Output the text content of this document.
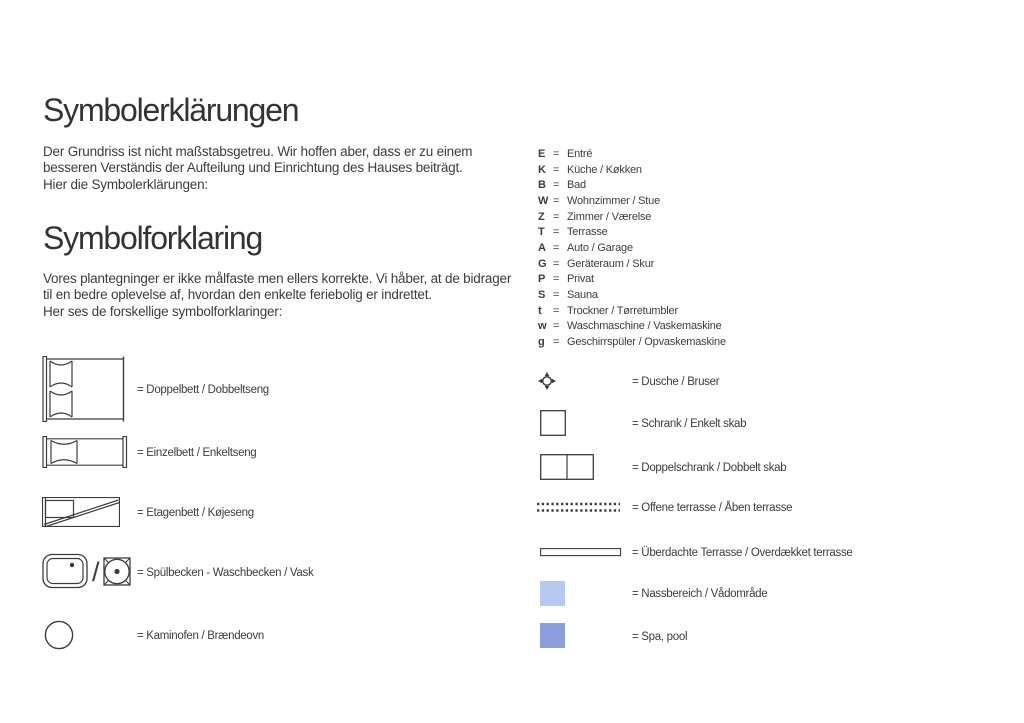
Symbolerklärungen
Der Grundriss ist nicht maßstabsgetreu. Wir hoffen aber, dass er zu einem
besseren Verständis der Aufteilung und Einrichtung des Hauses beiträgt.
Hier die Symbolerklärungen:
Symbolforklaring
Vores plantegninger er ikke målfaste men ellers korrekte. Vi håber, at de bidrager
til en bedre oplevelse af, hvordan den enkelte feriebolig er indrettet.
Her ses de forskellige symbolforklaringer:
= Doppelbett / Dobbeltseng
= Einzelbett / Enkeltseng
= Etagenbett / Køjeseng
/	= Spülbecken - Waschbecken / Vask
= Kaminofen / Brændeovn
E = Entré
K = Küche / Køkken
B = Bad
W = Wohnzimmer / Stue
Z = Zimmer / Værelse
T = Terrasse
A = Auto / Garage
G = Geräteraum / Skur
P = Privat
S = Sauna
t	= Trockner / Tørretumbler
w = Waschmaschine / Vaskemaskine
g = Geschirrspüler / Opvaskemaskine
= Dusche / Bruser
= Schrank / Enkelt skab
= Doppelschrank / Dobbelt skab
= Offene terrasse / Åben terrasse
= Überdachte Terrasse / Overdækket terrasse
= Nassbereich / Vådområde
= Spa, pool
